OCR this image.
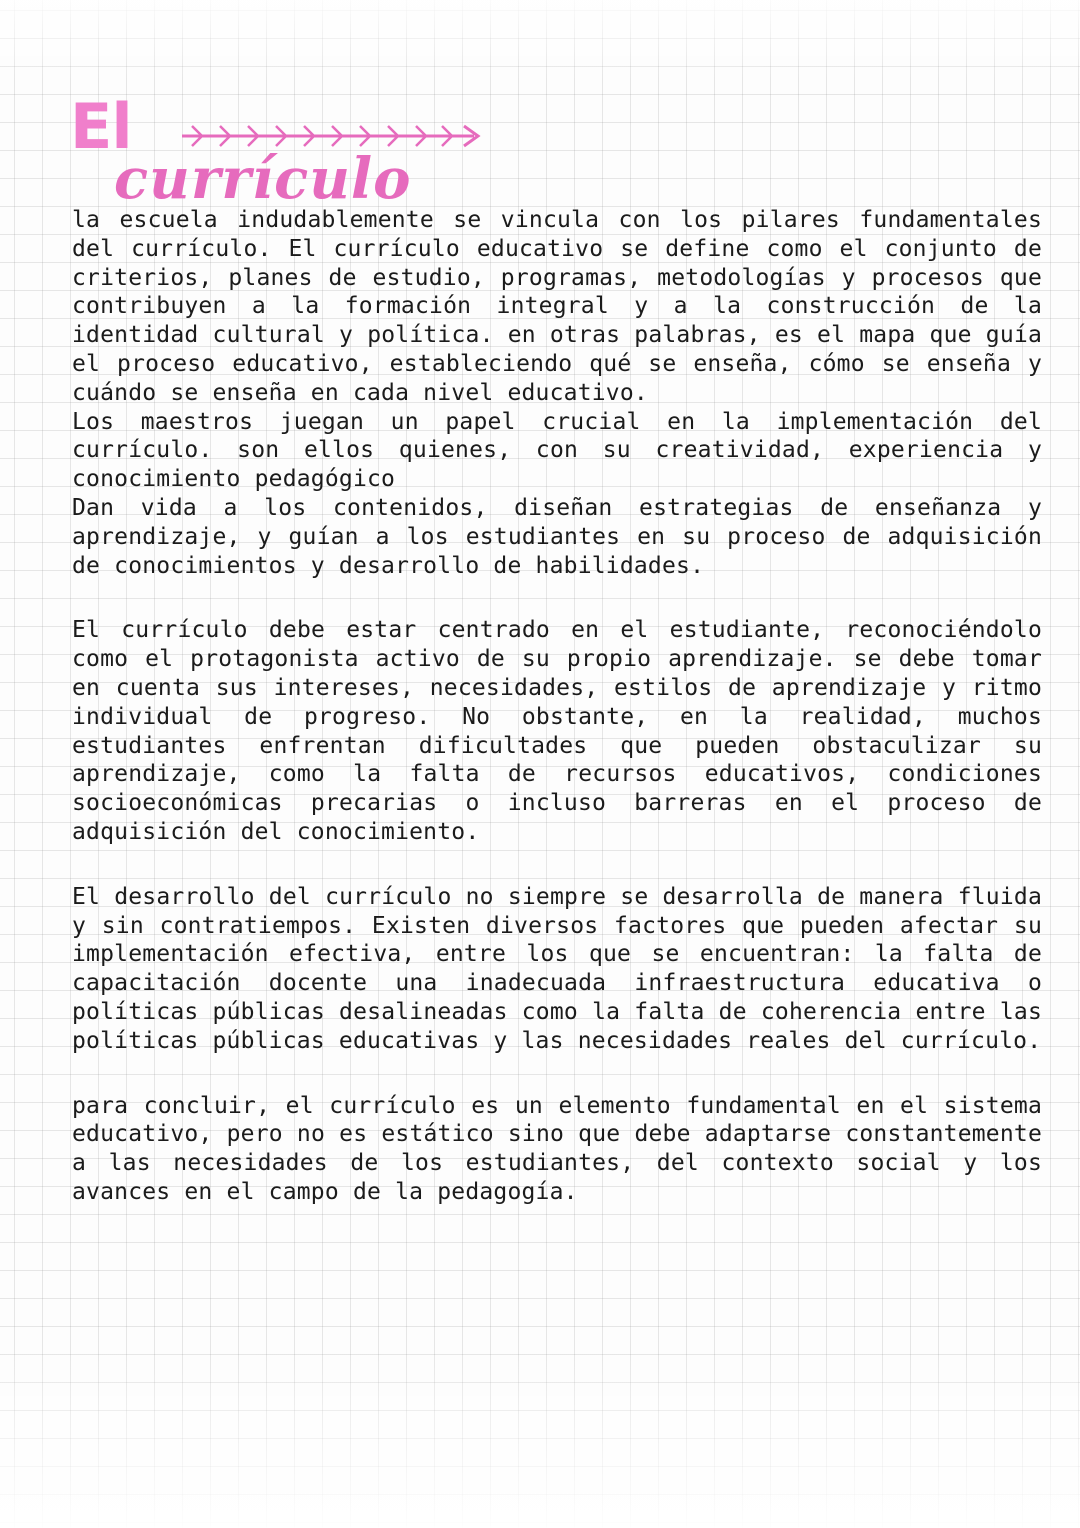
El
currículo

la escuela indudablemente se vincula con los pilares fundamentales del currículo. El currículo educativo se define como el conjunto de criterios, planes de estudio, programas, metodologías y procesos que contribuyen a la formación integral y a la construcción de la identidad cultural y política. en otras palabras, es el mapa que guía el proceso educativo, estableciendo qué se enseña, cómo se enseña y cuándo se enseña en cada nivel educativo.

Los maestros juegan un papel crucial en la implementación del currículo. son ellos quienes, con su creatividad, experiencia y conocimiento pedagógico

Dan vida a los contenidos, diseñan estrategias de enseñanza y aprendizaje, y guían a los estudiantes en su proceso de adquisición de conocimientos y desarrollo de habilidades.

El currículo debe estar centrado en el estudiante, reconociéndolo como el protagonista activo de su propio aprendizaje. se debe tomar en cuenta sus intereses, necesidades, estilos de aprendizaje y ritmo individual de progreso. No obstante, en la realidad, muchos estudiantes enfrentan dificultades que pueden obstaculizar su aprendizaje, como la falta de recursos educativos, condiciones socioeconómicas precarias o incluso barreras en el proceso de adquisición del conocimiento.

El desarrollo del currículo no siempre se desarrolla de manera fluida y sin contratiempos. Existen diversos factores que pueden afectar su implementación efectiva, entre los que se encuentran: la falta de capacitación docente una inadecuada infraestructura educativa o políticas públicas desalineadas como la falta de coherencia entre las políticas públicas educativas y las necesidades reales del currículo.

para concluir, el currículo es un elemento fundamental en el sistema educativo, pero no es estático sino que debe adaptarse constantemente a las necesidades de los estudiantes, del contexto social y los avances en el campo de la pedagogía.
